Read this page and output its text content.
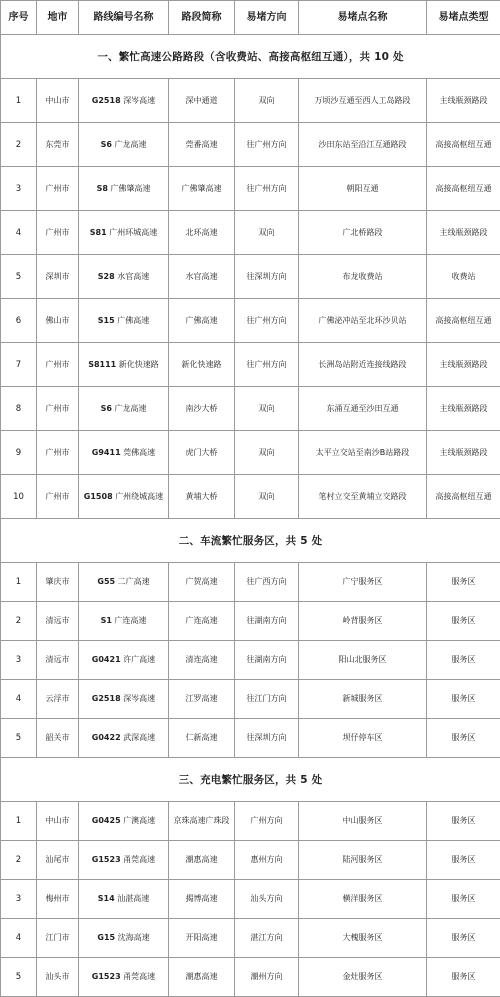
序号	地市	路线编号名称	路段简称	易堵方向	易堵点名称	易堵点类型
一、繁忙高速公路路段（含收费站、高接高枢纽互通），共 10 处						
1	中山市	G2518 深岑高速	深中通道	双向	万顷沙互通至西人工岛路段	主线瓶颈路段
2	东莞市	S6 广龙高速	莞番高速	往广州方向	沙田东站至沿江互通路段	高接高枢纽互通
3	广州市	S8 广佛肇高速	广佛肇高速	往广州方向	朝阳互通	高接高枢纽互通
4	广州市	S81 广州环城高速	北环高速	双向	广北桥路段	主线瓶颈路段
5	深圳市	S28 水官高速	水官高速	往深圳方向	布龙收费站	收费站
6	佛山市	S15 广佛高速	广佛高速	往广州方向	广佛泌冲站至北环沙贝站	高接高枢纽互通
7	广州市	S8111 新化快速路	新化快速路	往广州方向	长洲岛站附近连接线路段	主线瓶颈路段
8	广州市	S6 广龙高速	南沙大桥	双向	东涌互通至沙田互通	主线瓶颈路段
9	广州市	G9411 莞佛高速	虎门大桥	双向	太平立交站至南沙B站路段	主线瓶颈路段
10	广州市	G1508 广州绕城高速	黄埔大桥	双向	笔村立交至黄埔立交路段	高接高枢纽互通
二、车流繁忙服务区，共 5 处						
1	肇庆市	G55 二广高速	广贺高速	往广西方向	广宁服务区	服务区
2	清远市	S1 广连高速	广连高速	往湖南方向	岭背服务区	服务区
3	清远市	G0421 许广高速	清连高速	往湖南方向	阳山北服务区	服务区
4	云浮市	G2518 深岑高速	江罗高速	往江门方向	新城服务区	服务区
5	韶关市	G0422 武深高速	仁新高速	往深圳方向	坝仔停车区	服务区
三、充电繁忙服务区，共 5 处						
1	中山市	G0425 广澳高速	京珠高速广珠段	广州方向	中山服务区	服务区
2	汕尾市	G1523 甬莞高速	潮惠高速	惠州方向	陆河服务区	服务区
3	梅州市	S14 汕湛高速	揭博高速	汕头方向	横洋服务区	服务区
4	江门市	G15 沈海高速	开阳高速	湛江方向	大槐服务区	服务区
5	汕头市	G1523 甬莞高速	潮惠高速	潮州方向	金灶服务区	服务区
